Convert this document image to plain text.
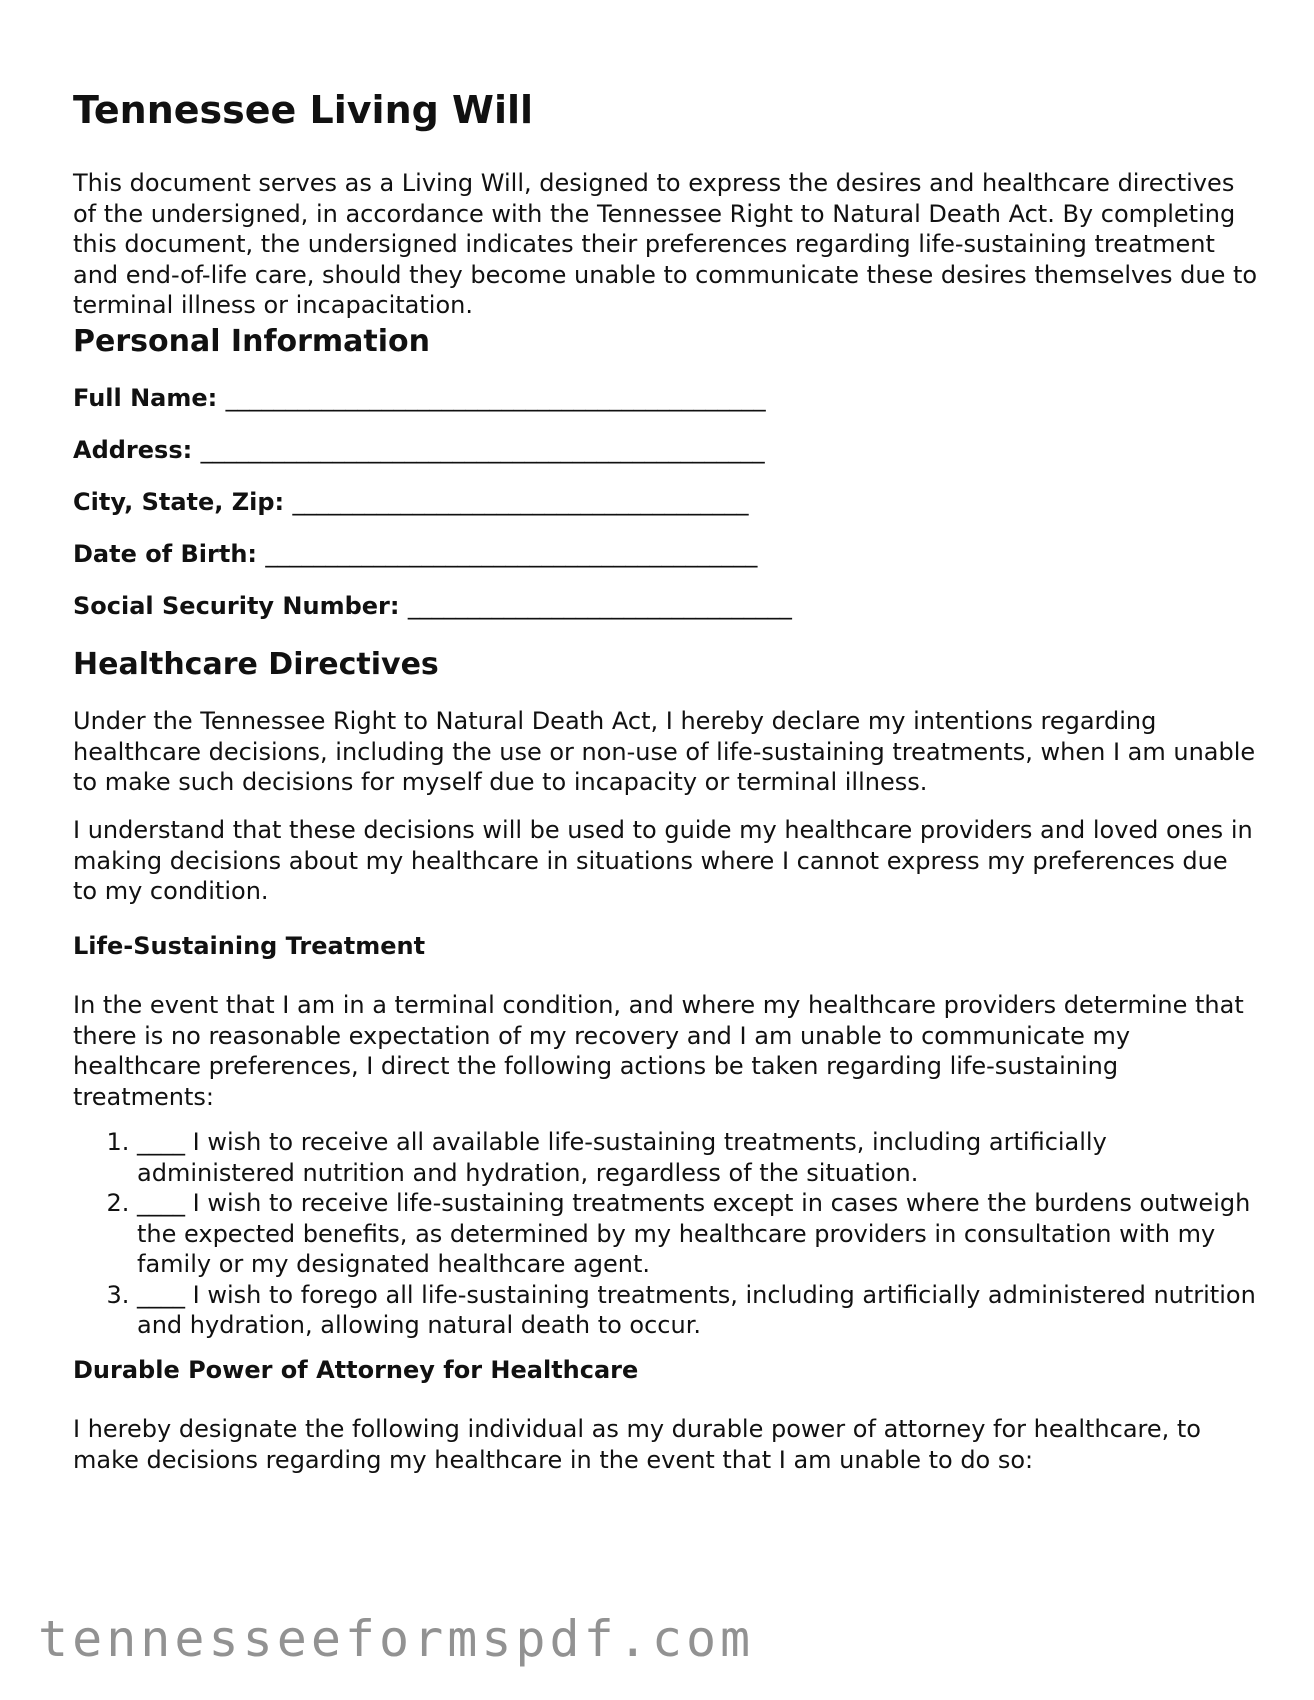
Tennessee Living Will

This document serves as a Living Will, designed to express the desires and healthcare directives of the undersigned, in accordance with the Tennessee Right to Natural Death Act. By completing this document, the undersigned indicates their preferences regarding life-sustaining treatment and end-of-life care, should they become unable to communicate these desires themselves due to terminal illness or incapacitation.

Personal Information
Full Name: _____________________________________________
Address: _______________________________________________
City, State, Zip: ______________________________________
Date of Birth: _________________________________________
Social Security Number: ________________________________
Healthcare Directives

Under the Tennessee Right to Natural Death Act, I hereby declare my intentions regarding healthcare decisions, including the use or non-use of life-sustaining treatments, when I am unable to make such decisions for myself due to incapacity or terminal illness.

I understand that these decisions will be used to guide my healthcare providers and loved ones in making decisions about my healthcare in situations where I cannot express my preferences due to my condition.

Life-Sustaining Treatment

In the event that I am in a terminal condition, and where my healthcare providers determine that there is no reasonable expectation of my recovery and I am unable to communicate my healthcare preferences, I direct the following actions be taken regarding life-sustaining treatments:

1. ____ I wish to receive all available life-sustaining treatments, including artificially administered nutrition and hydration, regardless of the situation.
2. ____ I wish to receive life-sustaining treatments except in cases where the burdens outweigh the expected benefits, as determined by my healthcare providers in consultation with my family or my designated healthcare agent.
3. ____ I wish to forego all life-sustaining treatments, including artificially administered nutrition and hydration, allowing natural death to occur.
Durable Power of Attorney for Healthcare

I hereby designate the following individual as my durable power of attorney for healthcare, to make decisions regarding my healthcare in the event that I am unable to do so:

tennesseeformspdf.com
